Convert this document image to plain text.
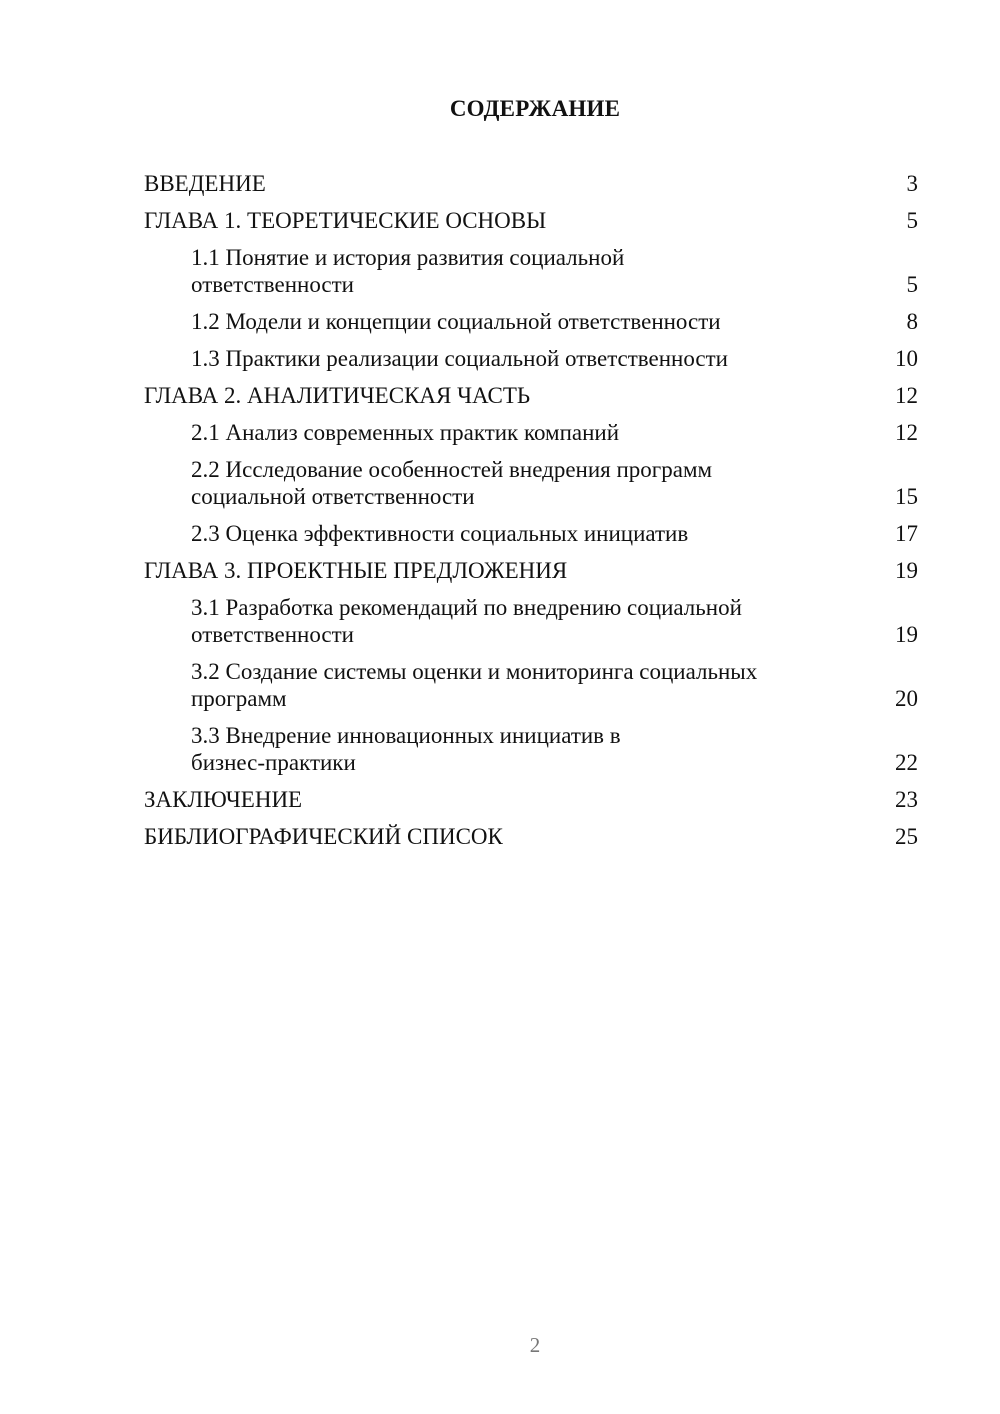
СОДЕРЖАНИЕ
ВВЕДЕНИЕ	3
ГЛАВА 1. ТЕОРЕТИЧЕСКИЕ ОСНОВЫ	5
1.1 Понятие и история развития социальной
ответственности	5
1.2 Модели и концепции социальной ответственности	8
1.3 Практики реализации социальной ответственности	10
ГЛАВА 2. АНАЛИТИЧЕСКАЯ ЧАСТЬ	12
2.1 Анализ современных практик компаний	12
2.2 Исследование особенностей внедрения программ
социальной ответственности	15
2.3 Оценка эффективности социальных инициатив	17
ГЛАВА 3. ПРОЕКТНЫЕ ПРЕДЛОЖЕНИЯ	19
3.1 Разработка рекомендаций по внедрению социальной
ответственности	19
3.2 Создание системы оценки и мониторинга социальных
программ	20
3.3 Внедрение инновационных инициатив в
бизнес-практики	22
ЗАКЛЮЧЕНИЕ	23
БИБЛИОГРАФИЧЕСКИЙ СПИСОК	25
2
